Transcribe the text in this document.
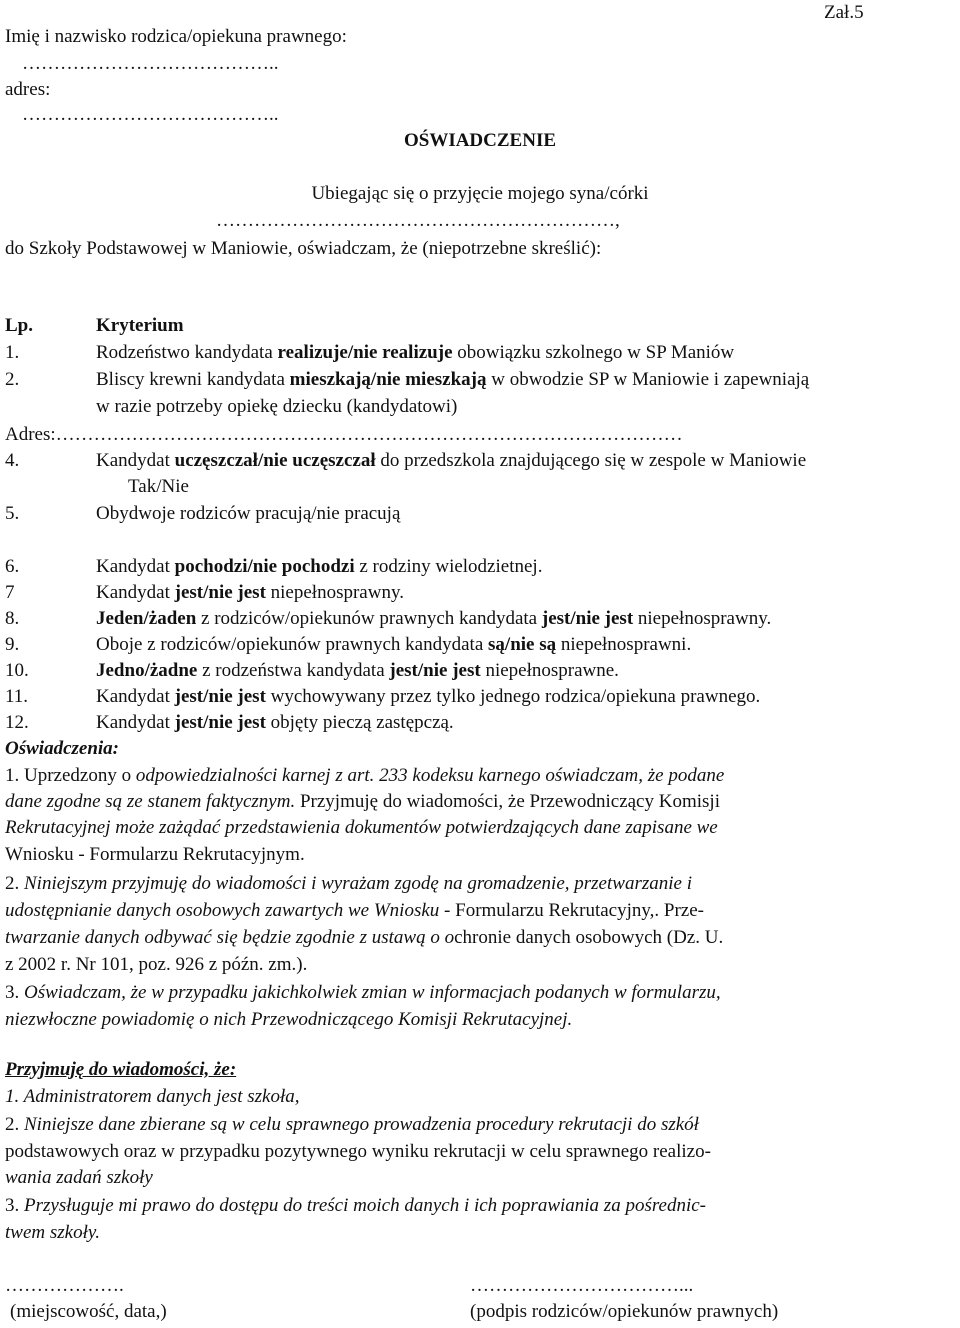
Zał.5
Imię i nazwisko rodzica/opiekuna prawnego:
…………………………………..
adres:
…………………………………..
OŚWIADCZENIE
Ubiegając się o przyjęcie mojego syna/córki
………………………………………………………,
do Szkoły Podstawowej w Maniowie, oświadczam, że (niepotrzebne skreślić):
Lp.	Kryterium
1.	Rodzeństwo kandydata realizuje/nie realizuje obowiązku szkolnego w SP Maniów
2.	Bliscy krewni kandydata mieszkają/nie mieszkają w obwodzie SP w Maniowie i zapewniają
w razie potrzeby opiekę dziecku (kandydatowi)
Adres:………………………………………………………………………………………
4.	Kandydat uczęszczał/nie uczęszczał do przedszkola znajdującego się w zespole w Maniowie
Tak/Nie
5.	Obydwoje rodziców pracują/nie pracują
6.	Kandydat pochodzi/nie pochodzi z rodziny wielodzietnej.
7	Kandydat jest/nie jest niepełnosprawny.
8.	Jeden/żaden z rodziców/opiekunów prawnych kandydata jest/nie jest niepełnosprawny.
9.	Oboje z rodziców/opiekunów prawnych kandydata są/nie są niepełnosprawni.
10.	Jedno/żadne z rodzeństwa kandydata jest/nie jest niepełnosprawne.
11.	Kandydat jest/nie jest wychowywany przez tylko jednego rodzica/opiekuna prawnego.
12.	Kandydat jest/nie jest objęty pieczą zastępczą.
Oświadczenia:
1. Uprzedzony o odpowiedzialności karnej z art. 233 kodeksu karnego oświadczam, że podane
dane zgodne są ze stanem faktycznym. Przyjmuję do wiadomości, że Przewodniczący Komisji
Rekrutacyjnej może zażądać przedstawienia dokumentów potwierdzających dane zapisane we
Wniosku - Formularzu Rekrutacyjnym.
2. Niniejszym przyjmuję do wiadomości i wyrażam zgodę na gromadzenie, przetwarzanie i
udostępnianie danych osobowych zawartych we Wniosku - Formularzu Rekrutacyjny,. Prze-
twarzanie danych odbywać się będzie zgodnie z ustawą o ochronie danych osobowych (Dz. U.
z 2002 r. Nr 101, poz. 926 z późn. zm.).
3. Oświadczam, że w przypadku jakichkolwiek zmian w informacjach podanych w formularzu,
niezwłoczne powiadomię o nich Przewodniczącego Komisji Rekrutacyjnej.
Przyjmuję do wiadomości, że:
1. Administratorem danych jest szkoła,
2. Niniejsze dane zbierane są w celu sprawnego prowadzenia procedury rekrutacji do szkół
podstawowych oraz w przypadku pozytywnego wyniku rekrutacji w celu sprawnego realizo-
wania zadań szkoły
3. Przysługuje mi prawo do dostępu do treści moich danych i ich poprawiania za pośrednic-
twem szkoły.
……………….	……………………………...
(miejscowość, data,)	(podpis rodziców/opiekunów prawnych)
